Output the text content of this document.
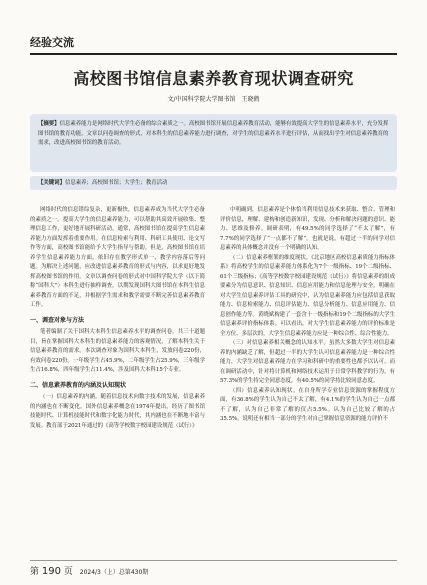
经验交流
高校图书馆信息素养教育现状调查研究
文/中国科学院大学图书馆　王晓鹤
【摘要】信息素养能力是网络时代大学生必备的综合素质之一。高校图书馆开展信息素养教育活动，能够有效提高大学生的信息素养水平，充分发挥图书馆的教育功能。文章以问卷调查的形式，对本科生的信息素养能力进行调查，对学生的信息素养水平进行评估，从而找出学生对信息素养教育的需求，改进高校图书馆的教育活动。
【关键词】信息素养；高校图书馆；大学生；教育活动

网络时代的信息错综复杂，更新极快，信息素养成为当代大学生必备的素质之一。提高大学生的信息素养能力，可以帮助其高效开展收集、整理信息工作，更好地开展科研活动。通常，高校图书馆在提高学生信息素养能力方面发挥着重要作用。在信息检索与利用、科研工具使用、论文写作等方面，高校图书馆能给予大学生指导与帮助。但是，高校图书馆在培养学生信息素养能力方面，依旧存在教学形式单一、教学内容落后等问题。为解决上述问题，应改进信息素养教育的形式与内容，以求更好地发挥高校图书馆的作用。文章以调查问卷的形式对中国科学院大学（以下简称“国科大”）本科生进行抽样调查，以期发现国科大图书馆在本科生信息素养教育方面的不足，并根据学生需求和教学需要不断完善信息素养教育工作。

一、调查对象与方法

笔者编制了关于国科大本科生信息素养水平的调查问卷，共三十道题目，旨在掌握国科大本科生的信息素养能力的客观情况，了解本科生关于信息素养教育的需求。本次调查对象为国科大本科生，发放问卷220份，有效问卷220份。一年级学生占45.9%，二年级学生占25.9%，三年级学生占16.8%，四年级学生占11.4%，涉及国科大本科15个专业。

二、信息素养教育的内涵及认知现状

（一）信息素养的内涵。随着信息技术向数字技术的发展，信息素养的内涵也在不断变化。国外信息素养概念在1974年提出，经历了图书馆技能时代、计算机技能时代和数字化能力时代，其内涵也在不断地丰富与发展。教育部于2021年通过的《高等学校数字校园建设规范（试行）》

中明确到，信息素养是个体恰当利用信息技术来获取、整合、管理和评价信息，理解、建构和创造新知识，发现、分析和解决问题的意识、能力、思维及修养。调研表明，有49.5%的同学选择了“不太了解”，有7.7%的同学选择了“一点都不了解”。也就是说，有超过一半的同学对信息素养的具体概念并没有一个明确的认知。

（二）信息素养框架的维度现状。《北京地区高校信息素质能力指标体系》将高校学生的信息素养能力体系化为7个一级指标、19个二级指标、61个三级指标；《高等学校数字校园建设规范（试行）》将信息素养的组成要素分为信息意识、信息知识、信息应用能力和信息伦理与安全。明确在对大学生信息素养评估工具的研究中，认为信息素养能力应包括信息获取能力、信息检索能力、信息评估能力、信息分析能力、信息应用能力、信息创作能力等。黄晓斌构建了一套含十一级指标和19个二级指标的大学生信息素养评价指标体系。可以看出，对大学生信息素养能力的评价标准是全方位、多层次的，大学生信息素养能力应是一种综合性、综合性能力。

（三）对信息素养相关概念的认知水平。虽然大多数大学生对信息素养的内涵缺乏了解，但超过一半的大学生认可信息素养能力是一种综合性能力，大学生对信息素养能力在学习和科研中的重要性也都予以认可。而在调研活动中，针对将计算机和网络技术运用于日常学科教学的行为，有57.3%的学生持完全同意态度，有40.5%的同学持比较同意态度。

（四）信息素养认知现状。在自身所学专业信息资源的掌握程度方面，有36.8%的学生认为自己不太了解，有4.1%的学生认为自己一点都不了解，认为自己非常了解的仅占5.5%。认为自己比较了解的占35.5%。说明还有相当一部分的学生对自己掌握信息资源的能力评价不

第 190 页 2024/3（上）总第430期
